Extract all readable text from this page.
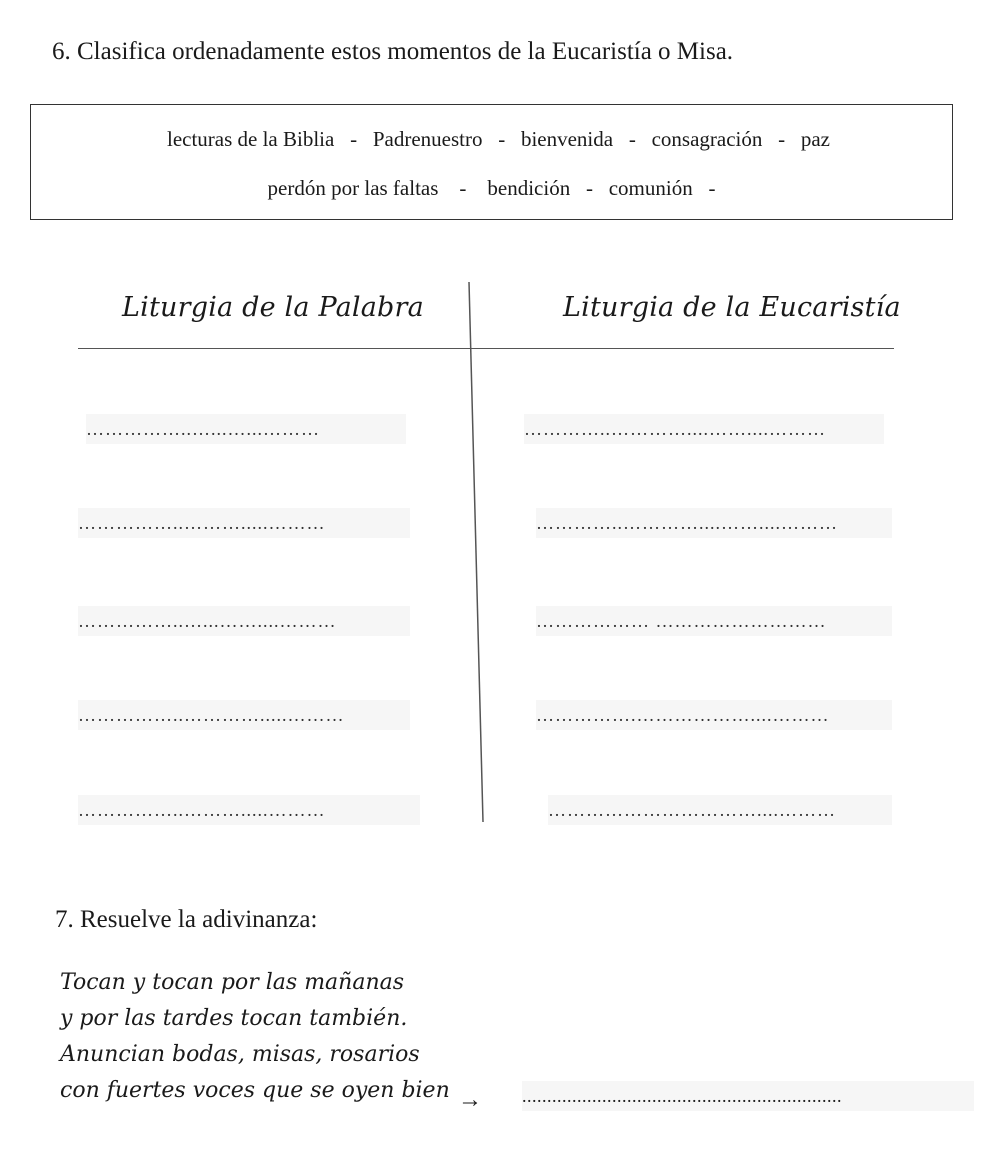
6. Clasifica ordenadamente estos momentos de la Eucaristía o Misa.
lecturas de la Biblia   -   Padrenuestro   -   bienvenida   -   consagración   -   paz
perdón por las faltas    -    bendición   -   comunión   -
Liturgia de la Palabra	Liturgia de la Eucaristía
……………..…...…...………
……………..……….....………
……………..…...……....………
……………..………….....………
……………..……….....………
…………..…………....……....………
…………..…………....……....………
……………… ………………………
…………….………………....………
……………………………....………
7. Resuelve la adivinanza:
Tocan y tocan por las mañanas
y por las tardes tocan también.
Anuncian bodas, misas, rosarios
con fuertes voces que se oyen bien → ................................................................
